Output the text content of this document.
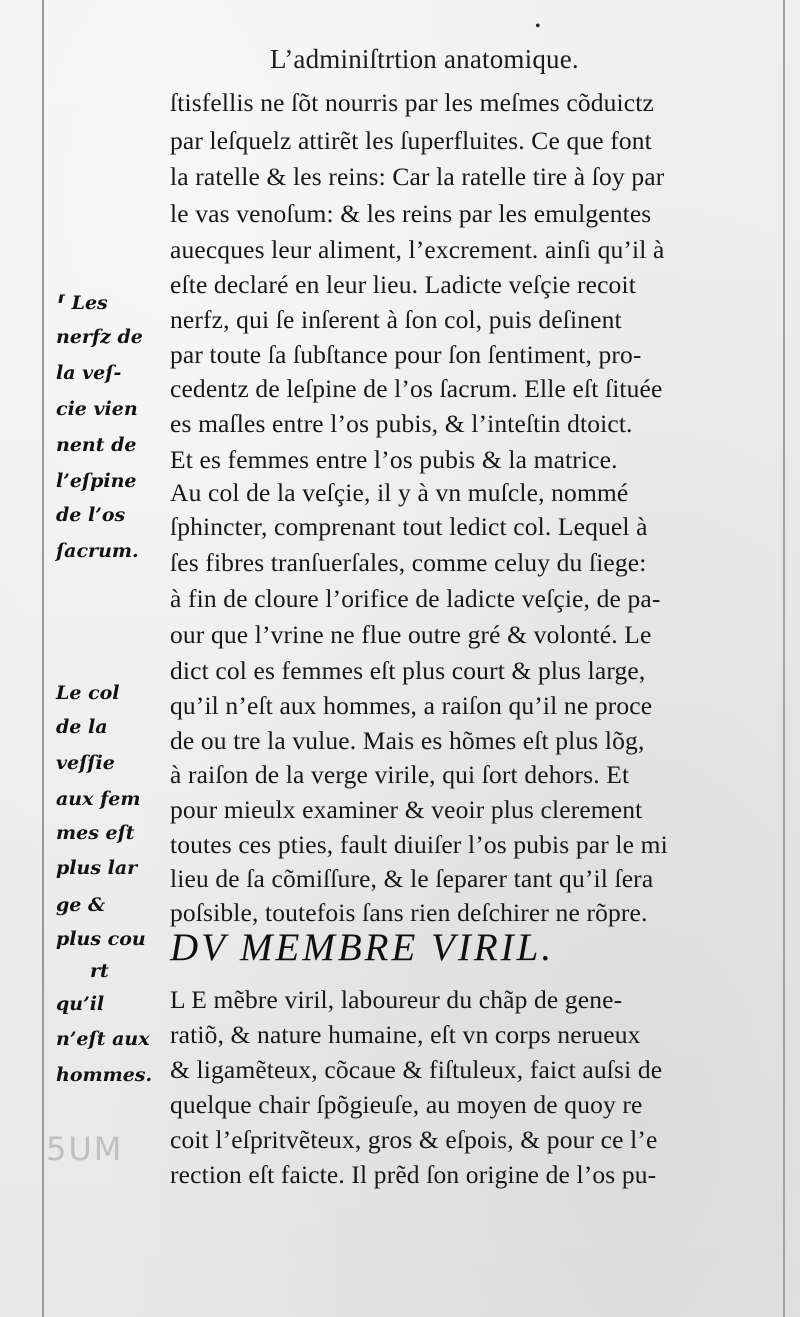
•
L’adminiſtrtion anatomique.
ſtisfellis ne ſõt nourris par les meſmes cõduictz
par leſquelz attirẽt les ſuperfluites. Ce que font
la ratelle & les reins: Car la ratelle tire à ſoy par
le vas venoſum: & les reins par les emulgentes
auecques leur aliment, l’excrement. ainſi qu’il à
eſte declaré en leur lieu. Ladicte veſçie recoit
nerfz, qui ſe inſerent à ſon col, puis deſinent
par toute ſa ſubſtance pour ſon ſentiment, pro-
cedentz de leſpine de l’os ſacrum. Elle eſt ſituée
es maſles entre l’os pubis, & l’inteſtin dtoict.
Et es femmes entre l’os pubis & la matrice.
Au col de la veſçie, il y à vn muſcle, nommé
ſphincter, comprenant tout ledict col. Lequel à
ſes fibres tranſuerſales, comme celuy du ſiege:
à fin de cloure l’orifice de ladicte veſçie, de pa-
our que l’vrine ne flue outre gré & volonté. Le
dict col es femmes eſt plus court & plus large,
qu’il n’eſt aux hommes, a raiſon qu’il ne proce
de ou tre la vulue. Mais es hõmes eſt plus lõg,
à raiſon de la verge virile, qui ſort dehors. Et
pour mieulx examiner & veoir plus clerement
toutes ces pties, fault diuiſer l’os pubis par le mi
lieu de ſa cõmiſſure, & le ſeparer tant qu’il ſera
poſsible, toutefois ſans rien deſchirer ne rõpre.
DV MEMBRE VIRIL.
L E mẽbre viril, laboureur du chãp de gene-
ratiõ, & nature humaine, eſt vn corps nerueux
& ligamẽteux, cõcaue & fiſtuleux, faict auſsi de
quelque chair ſpõgieuſe, au moyen de quoy re
coit l’eſpritvẽteux, gros & eſpois, & pour ce l’e
rection eſt faicte. Il prẽd ſon origine de l’os pu-
⸢ Les
nerfz de
la veſ-
cie vien
nent de
l’eſpine
de l’os
ſacrum.
Le col
de la
veſſie
aux fem
mes eſt
plus lar
ge &
plus cou
rt
qu’il
n’eſt aux
hommes.
5UM
